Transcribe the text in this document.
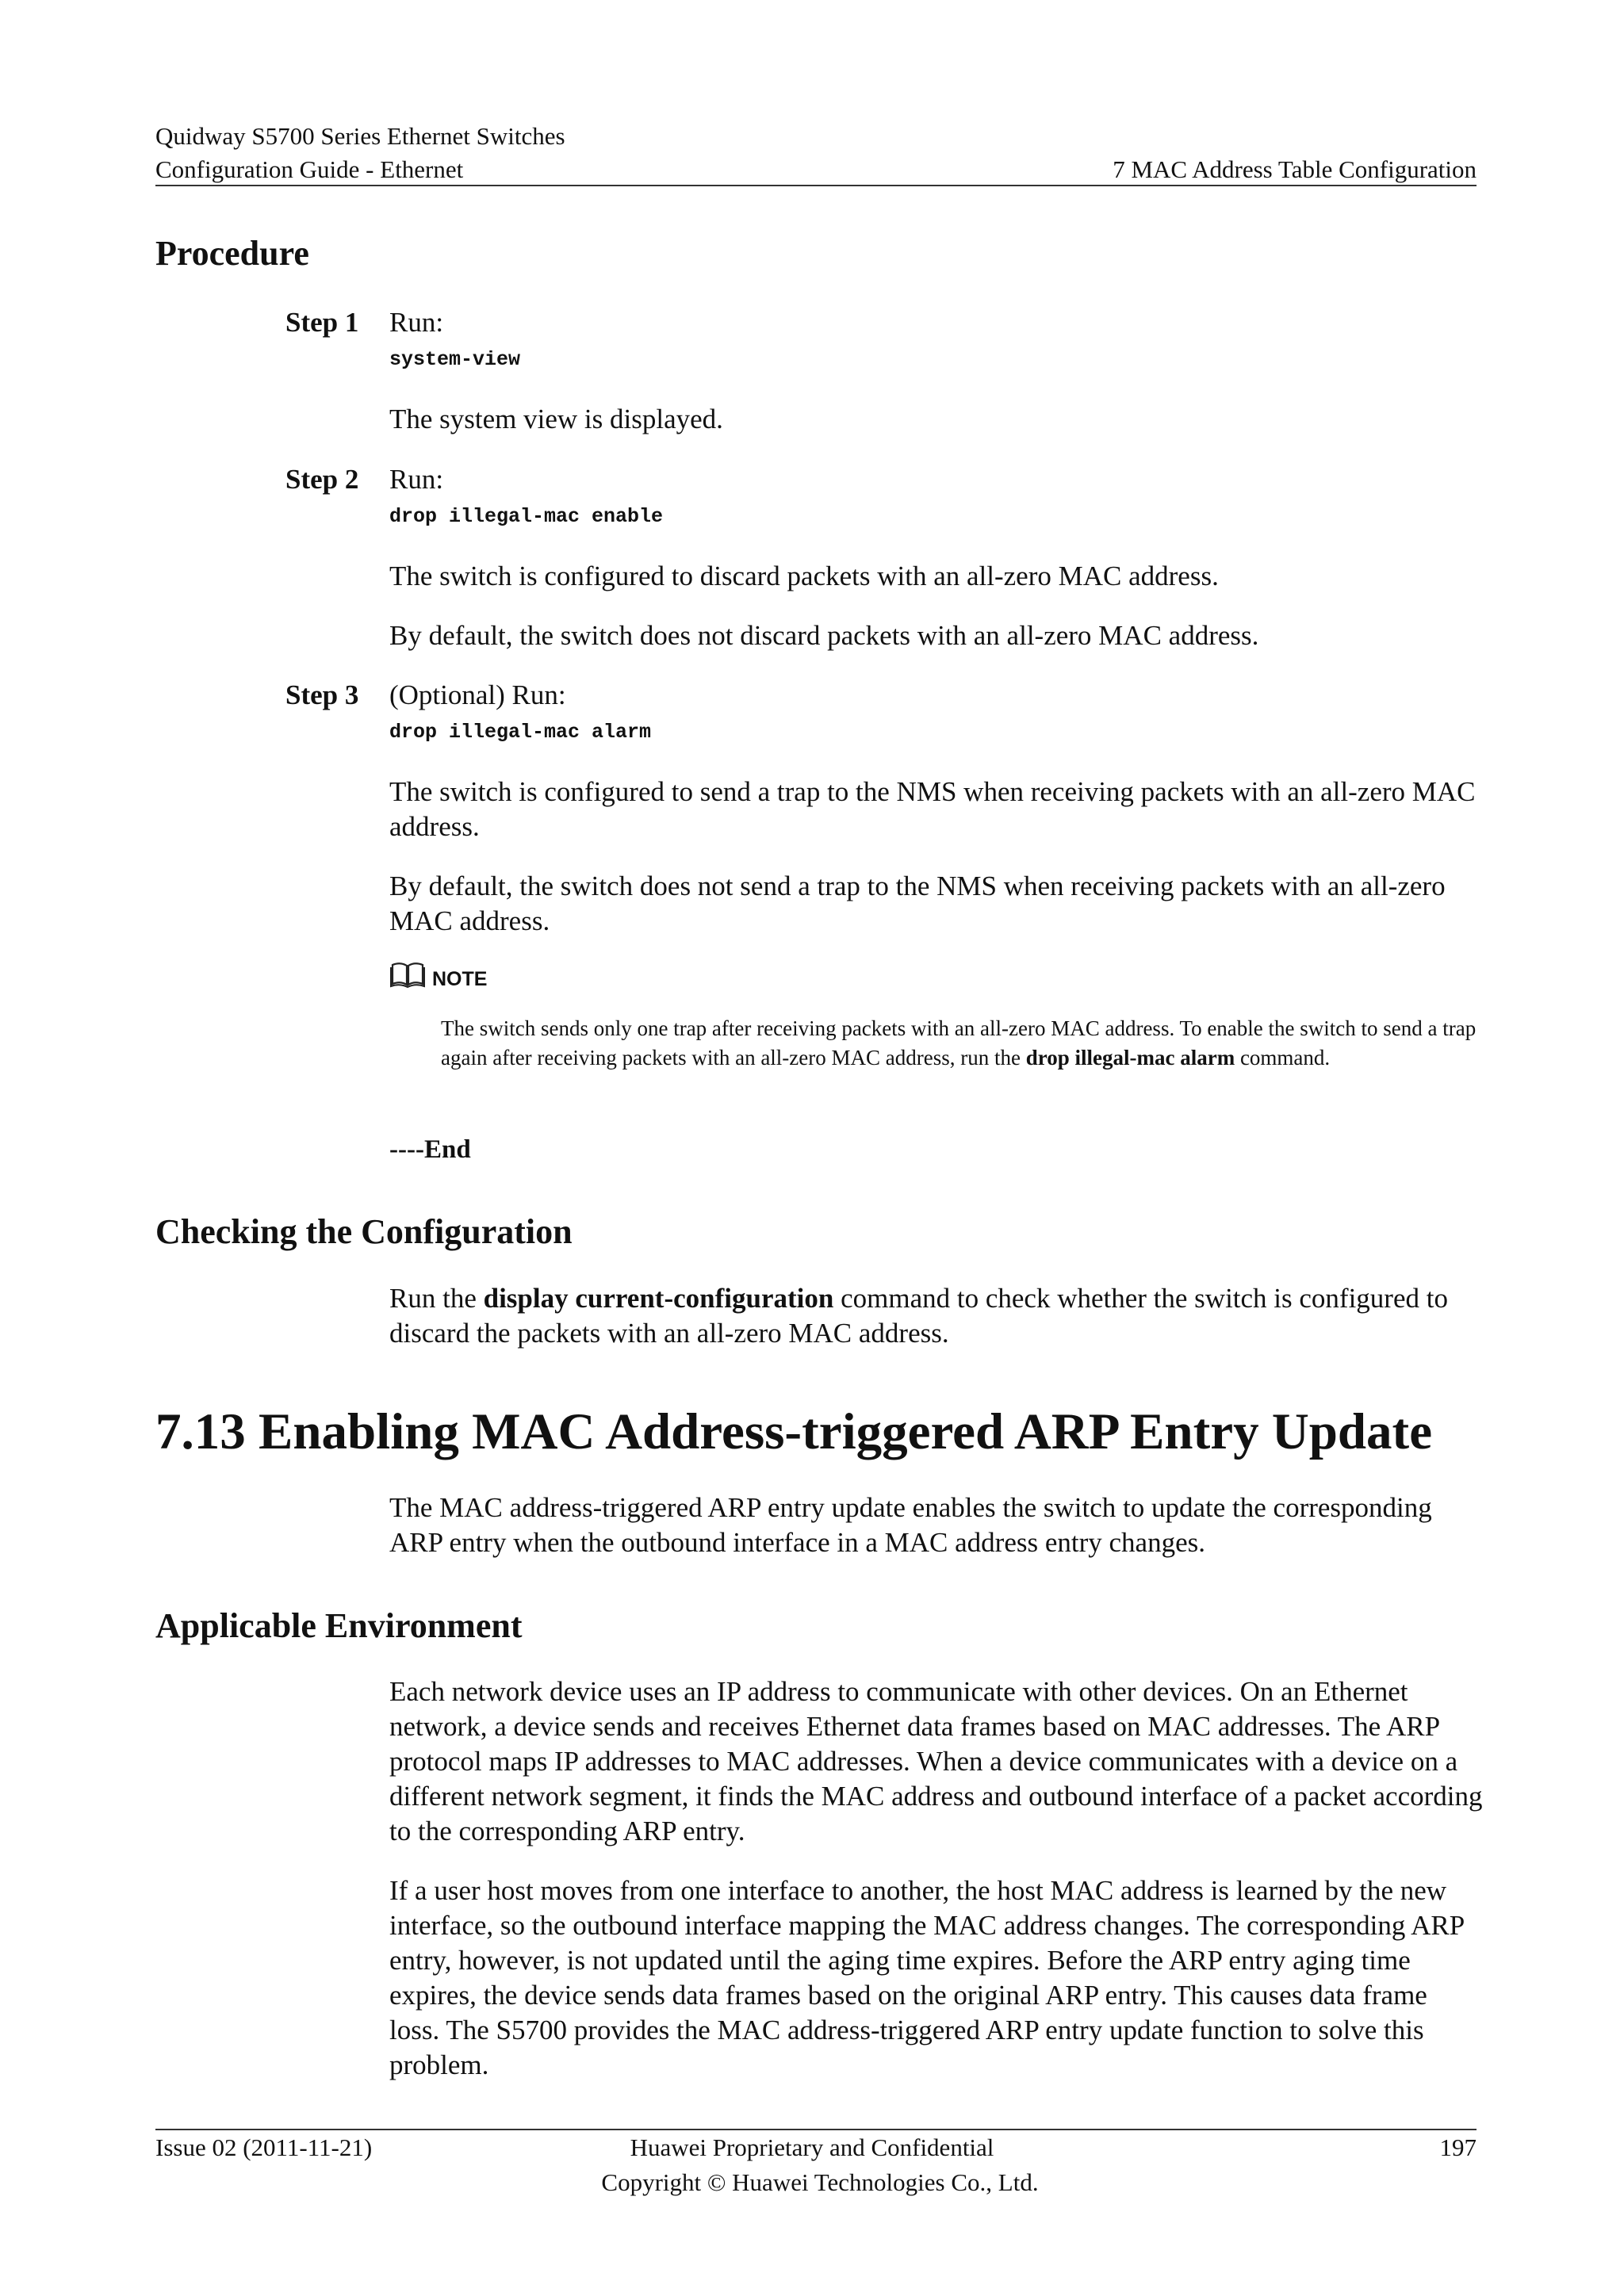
Quidway S5700 Series Ethernet Switches
Configuration Guide - Ethernet	7 MAC Address Table Configuration
Procedure
Step 1 Run:
system-view
The system view is displayed.
Step 2 Run:
drop illegal-mac enable
The switch is configured to discard packets with an all-zero MAC address.
By default, the switch does not discard packets with an all-zero MAC address.
Step 3 (Optional) Run:
drop illegal-mac alarm
The switch is configured to send a trap to the NMS when receiving packets with an all-zero MAC address.
By default, the switch does not send a trap to the NMS when receiving packets with an all-zero MAC address.
NOTE
The switch sends only one trap after receiving packets with an all-zero MAC address. To enable the switch to send a trap again after receiving packets with an all-zero MAC address, run the drop illegal-mac alarm command.
----End
Checking the Configuration
Run the display current-configuration command to check whether the switch is configured to discard the packets with an all-zero MAC address.
7.13 Enabling MAC Address-triggered ARP Entry Update
The MAC address-triggered ARP entry update enables the switch to update the corresponding ARP entry when the outbound interface in a MAC address entry changes.
Applicable Environment
Each network device uses an IP address to communicate with other devices. On an Ethernet network, a device sends and receives Ethernet data frames based on MAC addresses. The ARP protocol maps IP addresses to MAC addresses. When a device communicates with a device on a different network segment, it finds the MAC address and outbound interface of a packet according to the corresponding ARP entry.
If a user host moves from one interface to another, the host MAC address is learned by the new interface, so the outbound interface mapping the MAC address changes. The corresponding ARP entry, however, is not updated until the aging time expires. Before the ARP entry aging time expires, the device sends data frames based on the original ARP entry. This causes data frame loss. The S5700 provides the MAC address-triggered ARP entry update function to solve this problem.
Issue 02 (2011-11-21)	Huawei Proprietary and Confidential
Copyright © Huawei Technologies Co., Ltd.
197
